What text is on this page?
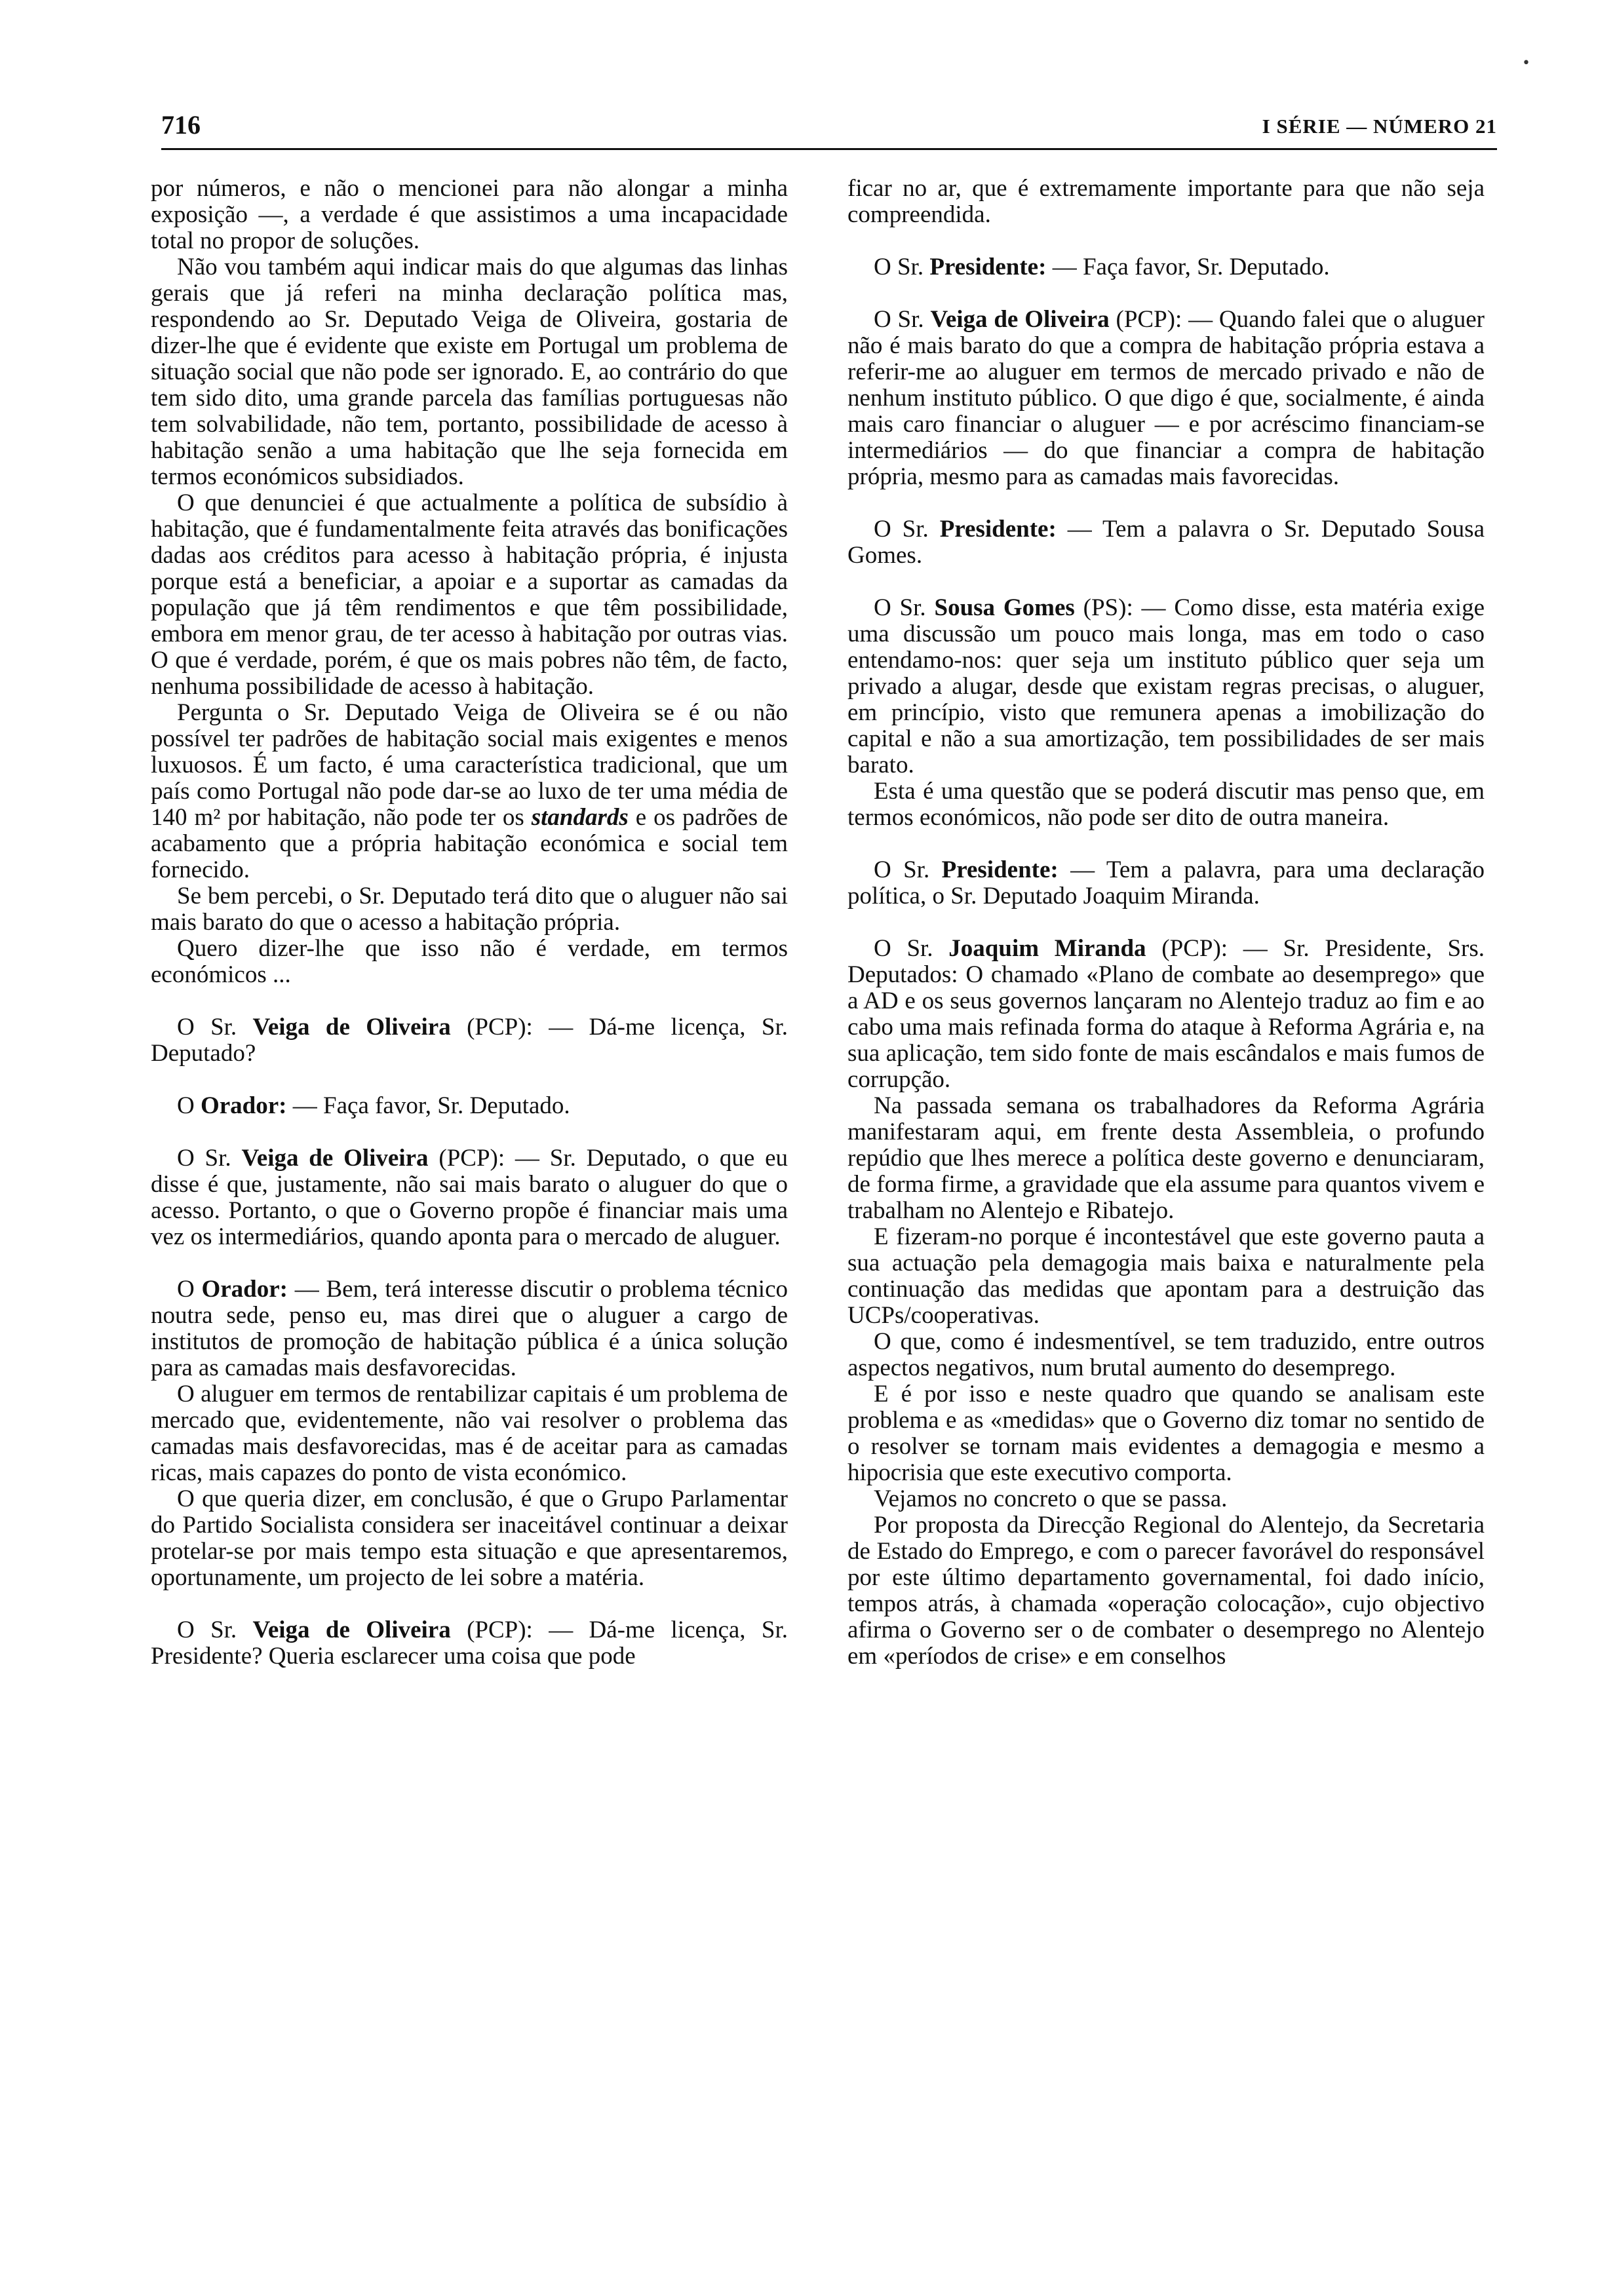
716	I SÉRIE — NÚMERO 21
•

por números, e não o mencionei para não alongar a minha exposição —, a verdade é que assistimos a uma incapacidade total no propor de soluções.

Não vou também aqui indicar mais do que algumas das linhas gerais que já referi na minha declaração política mas, respondendo ao Sr. Deputado Veiga de Oliveira, gostaria de dizer-lhe que é evidente que existe em Portugal um problema de situação social que não pode ser ignorado. E, ao contrário do que tem sido dito, uma grande parcela das famílias portuguesas não tem solvabilidade, não tem, portanto, possibilidade de acesso à habitação senão a uma habitação que lhe seja fornecida em termos económicos subsidiados.

O que denunciei é que actualmente a política de subsídio à habitação, que é fundamentalmente feita através das bonificações dadas aos créditos para acesso à habitação própria, é injusta porque está a beneficiar, a apoiar e a suportar as camadas da população que já têm rendimentos e que têm possibilidade, embora em menor grau, de ter acesso à habitação por outras vias. O que é verdade, porém, é que os mais pobres não têm, de facto, nenhuma possibilidade de acesso à habitação.

Pergunta o Sr. Deputado Veiga de Oliveira se é ou não possível ter padrões de habitação social mais exigentes e menos luxuosos. É um facto, é uma característica tradicional, que um país como Portugal não pode dar-se ao luxo de ter uma média de 140 m² por habitação, não pode ter os standards e os padrões de acabamento que a própria habitação económica e social tem fornecido.

Se bem percebi, o Sr. Deputado terá dito que o aluguer não sai mais barato do que o acesso a habitação própria.

Quero dizer-lhe que isso não é verdade, em termos económicos ...

O Sr. Veiga de Oliveira (PCP): — Dá-me licença, Sr. Deputado?

O Orador: — Faça favor, Sr. Deputado.

O Sr. Veiga de Oliveira (PCP): — Sr. Deputado, o que eu disse é que, justamente, não sai mais barato o aluguer do que o acesso. Portanto, o que o Governo propõe é financiar mais uma vez os intermediários, quando aponta para o mercado de aluguer.

O Orador: — Bem, terá interesse discutir o problema técnico noutra sede, penso eu, mas direi que o aluguer a cargo de institutos de promoção de habitação pública é a única solução para as camadas mais desfavorecidas.

O aluguer em termos de rentabilizar capitais é um problema de mercado que, evidentemente, não vai resolver o problema das camadas mais desfavorecidas, mas é de aceitar para as camadas ricas, mais capazes do ponto de vista económico.

O que queria dizer, em conclusão, é que o Grupo Parlamentar do Partido Socialista considera ser inaceitável continuar a deixar protelar-se por mais tempo esta situação e que apresentaremos, oportunamente, um projecto de lei sobre a matéria.

O Sr. Veiga de Oliveira (PCP): — Dá-me licença, Sr. Presidente? Queria esclarecer uma coisa que pode

ficar no ar, que é extremamente importante para que não seja compreendida.

O Sr. Presidente: — Faça favor, Sr. Deputado.

O Sr. Veiga de Oliveira (PCP): — Quando falei que o aluguer não é mais barato do que a compra de habitação própria estava a referir-me ao aluguer em termos de mercado privado e não de nenhum instituto público. O que digo é que, socialmente, é ainda mais caro financiar o aluguer — e por acréscimo financiam-se intermediários — do que financiar a compra de habitação própria, mesmo para as camadas mais favorecidas.

O Sr. Presidente: — Tem a palavra o Sr. Deputado Sousa Gomes.

O Sr. Sousa Gomes (PS): — Como disse, esta matéria exige uma discussão um pouco mais longa, mas em todo o caso entendamo-nos: quer seja um instituto público quer seja um privado a alugar, desde que existam regras precisas, o aluguer, em princípio, visto que remunera apenas a imobilização do capital e não a sua amortização, tem possibilidades de ser mais barato.

Esta é uma questão que se poderá discutir mas penso que, em termos económicos, não pode ser dito de outra maneira.

O Sr. Presidente: — Tem a palavra, para uma declaração política, o Sr. Deputado Joaquim Miranda.

O Sr. Joaquim Miranda (PCP): — Sr. Presidente, Srs. Deputados: O chamado «Plano de combate ao desemprego» que a AD e os seus governos lançaram no Alentejo traduz ao fim e ao cabo uma mais refinada forma do ataque à Reforma Agrária e, na sua aplicação, tem sido fonte de mais escândalos e mais fumos de corrupção.

Na passada semana os trabalhadores da Reforma Agrária manifestaram aqui, em frente desta Assembleia, o profundo repúdio que lhes merece a política deste governo e denunciaram, de forma firme, a gravidade que ela assume para quantos vivem e trabalham no Alentejo e Ribatejo.

E fizeram-no porque é incontestável que este governo pauta a sua actuação pela demagogia mais baixa e naturalmente pela continuação das medidas que apontam para a destruição das UCPs/cooperativas.

O que, como é indesmentível, se tem traduzido, entre outros aspectos negativos, num brutal aumento do desemprego.

E é por isso e neste quadro que quando se analisam este problema e as «medidas» que o Governo diz tomar no sentido de o resolver se tornam mais evidentes a demagogia e mesmo a hipocrisia que este executivo comporta.

Vejamos no concreto o que se passa.

Por proposta da Direcção Regional do Alentejo, da Secretaria de Estado do Emprego, e com o parecer favorável do responsável por este último departamento governamental, foi dado início, tempos atrás, à chamada «operação colocação», cujo objectivo afirma o Governo ser o de combater o desemprego no Alentejo em «períodos de crise» e em conselhos
